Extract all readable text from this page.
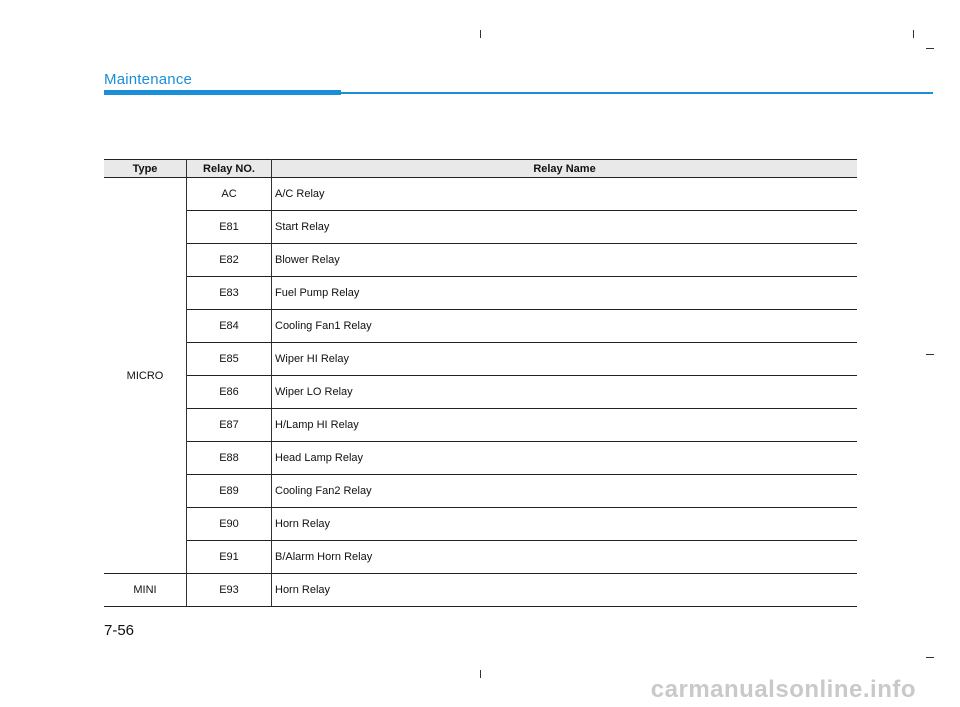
Maintenance
Type	Relay NO.	Relay Name
MICRO	AC	A/C Relay
	E81	Start Relay
	E82	Blower Relay
	E83	Fuel Pump Relay
	E84	Cooling Fan1 Relay
	E85	Wiper HI Relay
	E86	Wiper LO Relay
	E87	H/Lamp HI Relay
	E88	Head Lamp Relay
	E89	Cooling Fan2 Relay
	E90	Horn Relay
	E91	B/Alarm Horn Relay
MINI	E93	Horn Relay
7-56
carmanualsonline.info
